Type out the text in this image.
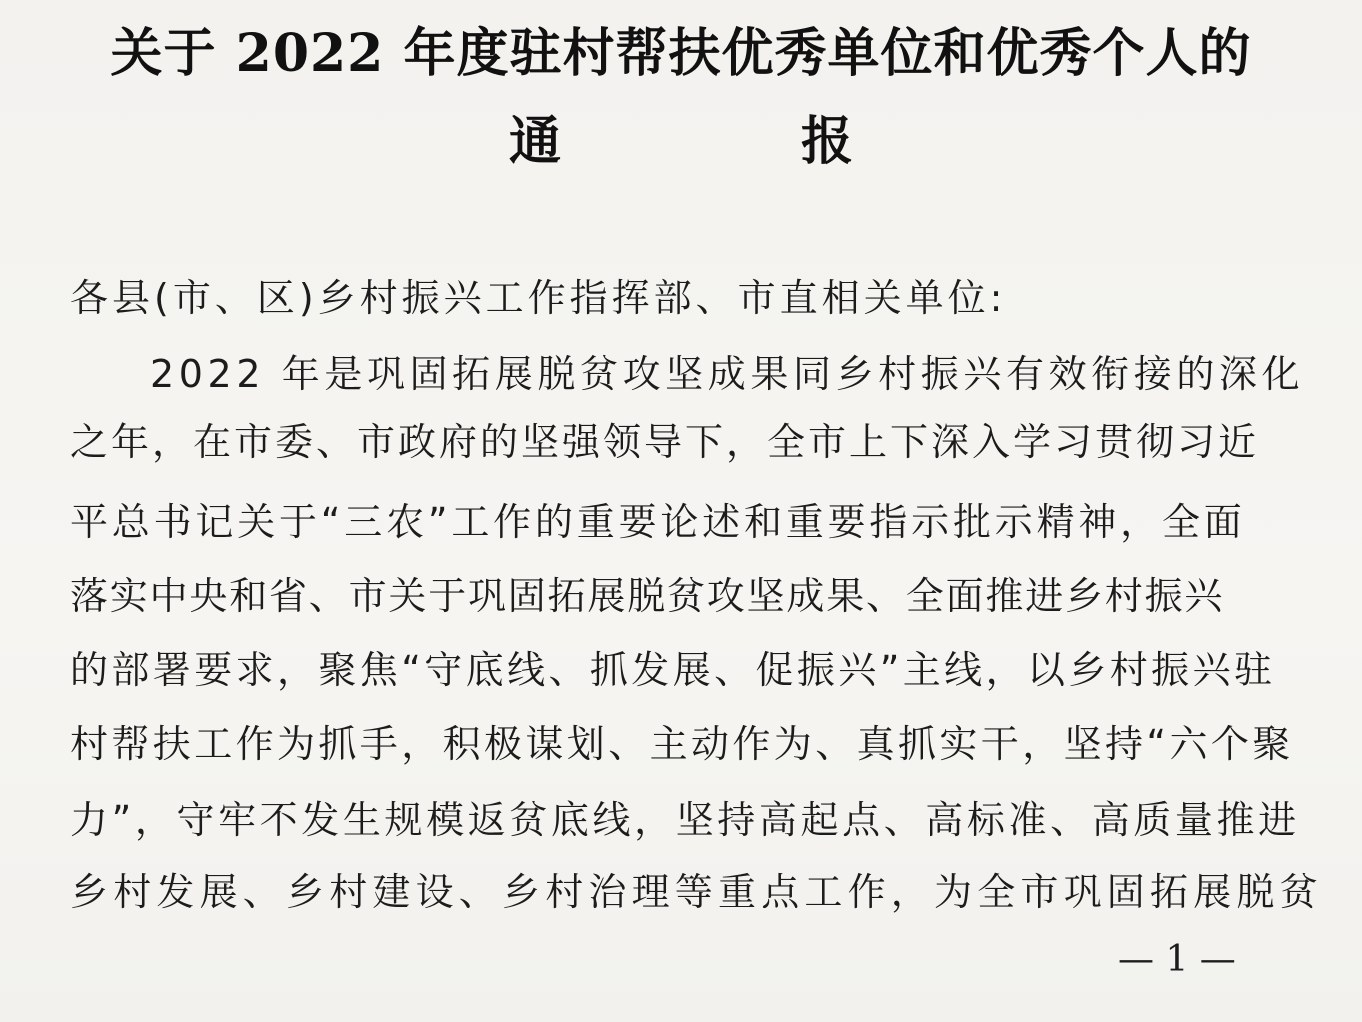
关于 2022 年度驻村帮扶优秀单位和优秀个人的
通	报
各县(市、区)乡村振兴工作指挥部、市直相关单位:
2022 年是巩固拓展脱贫攻坚成果同乡村振兴有效衔接的深化
之年，在市委、市政府的坚强领导下，全市上下深入学习贯彻习近
平总书记关于“三农”工作的重要论述和重要指示批示精神，全面
落实中央和省、市关于巩固拓展脱贫攻坚成果、全面推进乡村振兴
的部署要求，聚焦“守底线、抓发展、促振兴”主线，以乡村振兴驻
村帮扶工作为抓手，积极谋划、主动作为、真抓实干，坚持“六个聚
力”，守牢不发生规模返贫底线，坚持高起点、高标准、高质量推进
乡村发展、乡村建设、乡村治理等重点工作，为全市巩固拓展脱贫
— 1 —
